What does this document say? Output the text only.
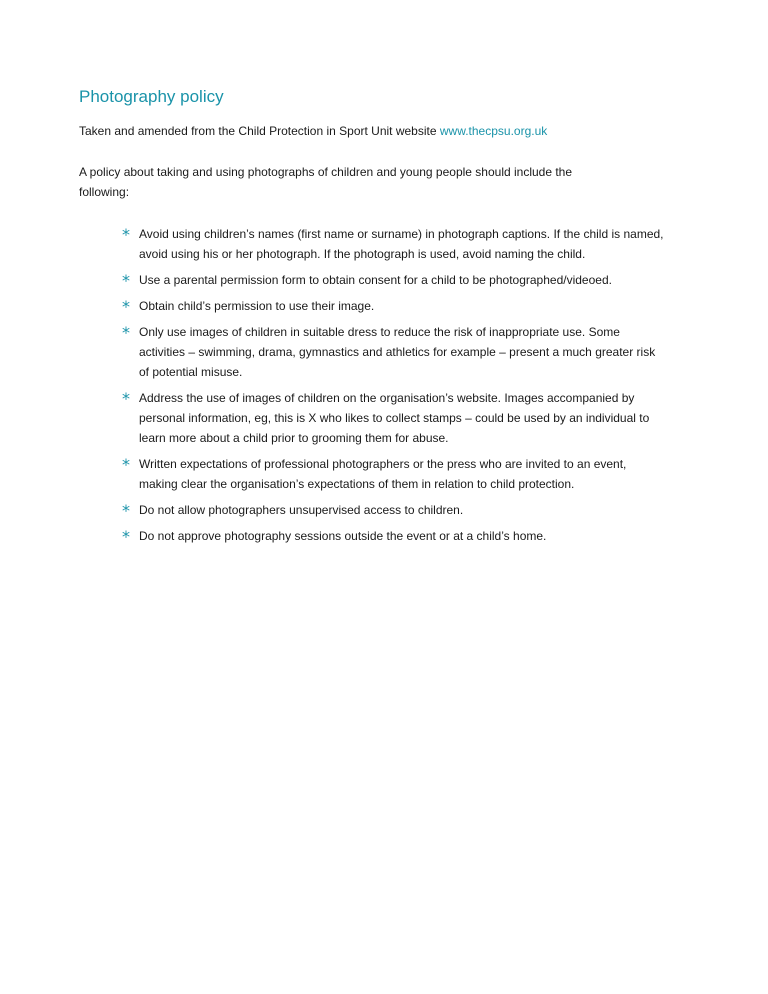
Photography policy

Taken and amended from the Child Protection in Sport Unit website www.thecpsu.org.uk

A policy about taking and using photographs of children and young people should include the following:

* Avoid using children’s names (first name or surname) in photograph captions. If the child is named, avoid using his or her photograph. If the photograph is used, avoid naming the child.
* Use a parental permission form to obtain consent for a child to be photographed/videoed.
* Obtain child’s permission to use their image.
* Only use images of children in suitable dress to reduce the risk of inappropriate use. Some activities – swimming, drama, gymnastics and athletics for example – present a much greater risk of potential misuse.
* Address the use of images of children on the organisation’s website. Images accompanied by personal information, eg, this is X who likes to collect stamps – could be used by an individual to learn more about a child prior to grooming them for abuse.
* Written expectations of professional photographers or the press who are invited to an event, making clear the organisation’s expectations of them in relation to child protection.
* Do not allow photographers unsupervised access to children.
* Do not approve photography sessions outside the event or at a child’s home.
